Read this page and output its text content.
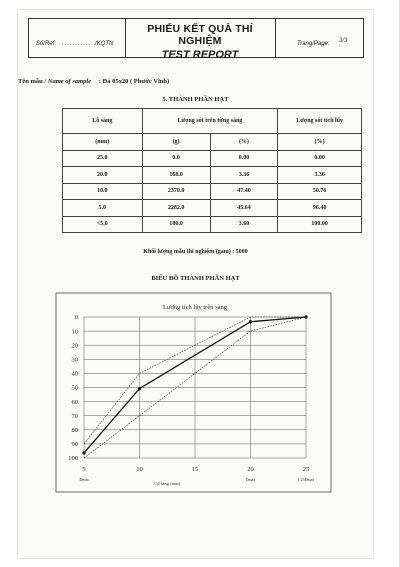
Số/Ref: .............
/KQTN
PHIẾU KẾT QUẢ THÍ NGHIỆM
TEST REPORT
Trang/Page: 3/3
Tên mẫu / Name of sample : Đá 05x20 ( Phước Vĩnh)
5. THÀNH PHẦN HẠT
Lỗ sàng	Lượng sót trên từng sàng		Lượng sót tích lũy
(mm)	(g)	(%)	(%)
25.0	0.0	0.00	0.00
20.0	168.0	3.36	3.36
10.0	2370.0	47.40	50.76
5.0	2282.0	45.64	96.40
<5,0	180.0	3.60	100.00
Khối lượng mẫu thí nghiệm (gam) : 5000
BIỂU ĐỒ THÀNH PHẦN HẠT
Lượng tích lũy trên sàng
0
10
20
30
40
50
60
70
80
90
100
5	10	15	20	25
Dmin	Dmax	1.25Dmax
Cỡ sàng (mm)
